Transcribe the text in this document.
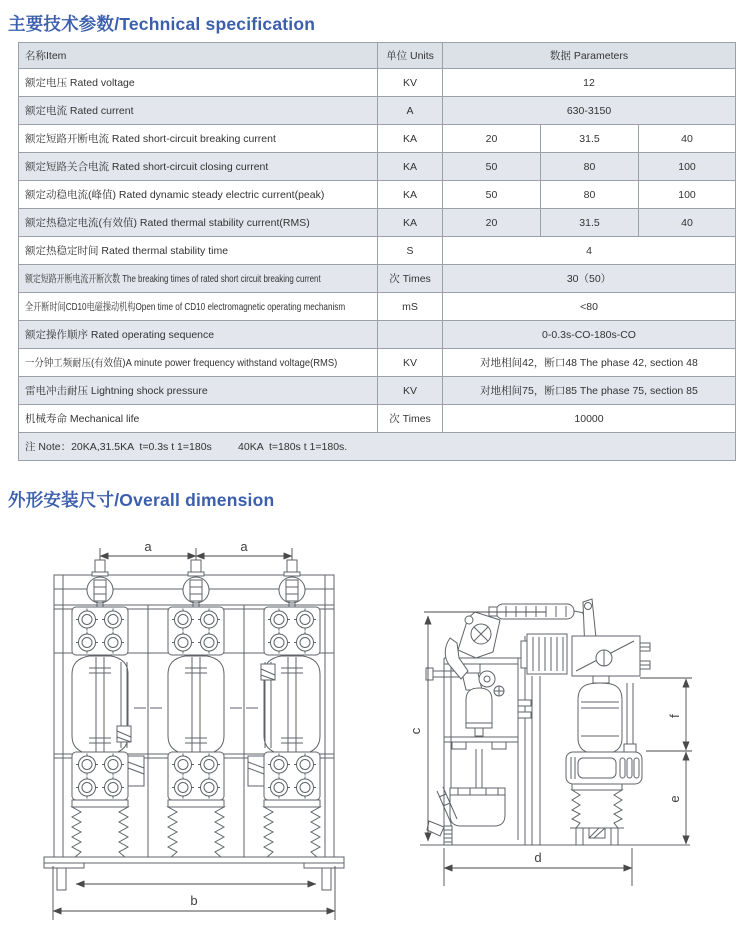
主要技术参数/Technical specification
名称Item	单位 Units	数据 Parameters		
额定电压 Rated voltage	KV	12		
额定电流 Rated current	A	630-3150		
额定短路开断电流 Rated short-circuit breaking current	KA	20	31.5	40
额定短路关合电流 Rated short-circuit closing current	KA	50	80	100
额定动稳电流(峰值) Rated dynamic steady electric current(peak)	KA	50	80	100
额定热稳定电流(有效值) Rated thermal stability current(RMS)	KA	20	31.5	40
额定热稳定时间 Rated thermal stability time	S	4		
额定短路开断电流开断次数 The breaking times of rated short circuit breaking current	次 Times	30（50）		
全开断时间CD10电磁操动机构Open time of CD10 electromagnetic operating mechanism	mS	<80		
额定操作顺序 Rated operating sequence		0-0.3s-CO-180s-CO		
一分钟工频耐压(有效值)A minute power frequency withstand voltage(RMS)	KV	对地相间42，断口48 The phase 42, section 48		
雷电冲击耐压 Lightning shock pressure	KV	对地相间75，断口85 The phase 75, section 85		
机械寿命 Mechanical life	次 Times	10000		
注 Note：20KA,31.5KA  t=0.3s t 1=180s         40KA  t=180s t 1=180s.				
外形安装尺寸/Overall dimension
a	a
b
c
f
e
d
